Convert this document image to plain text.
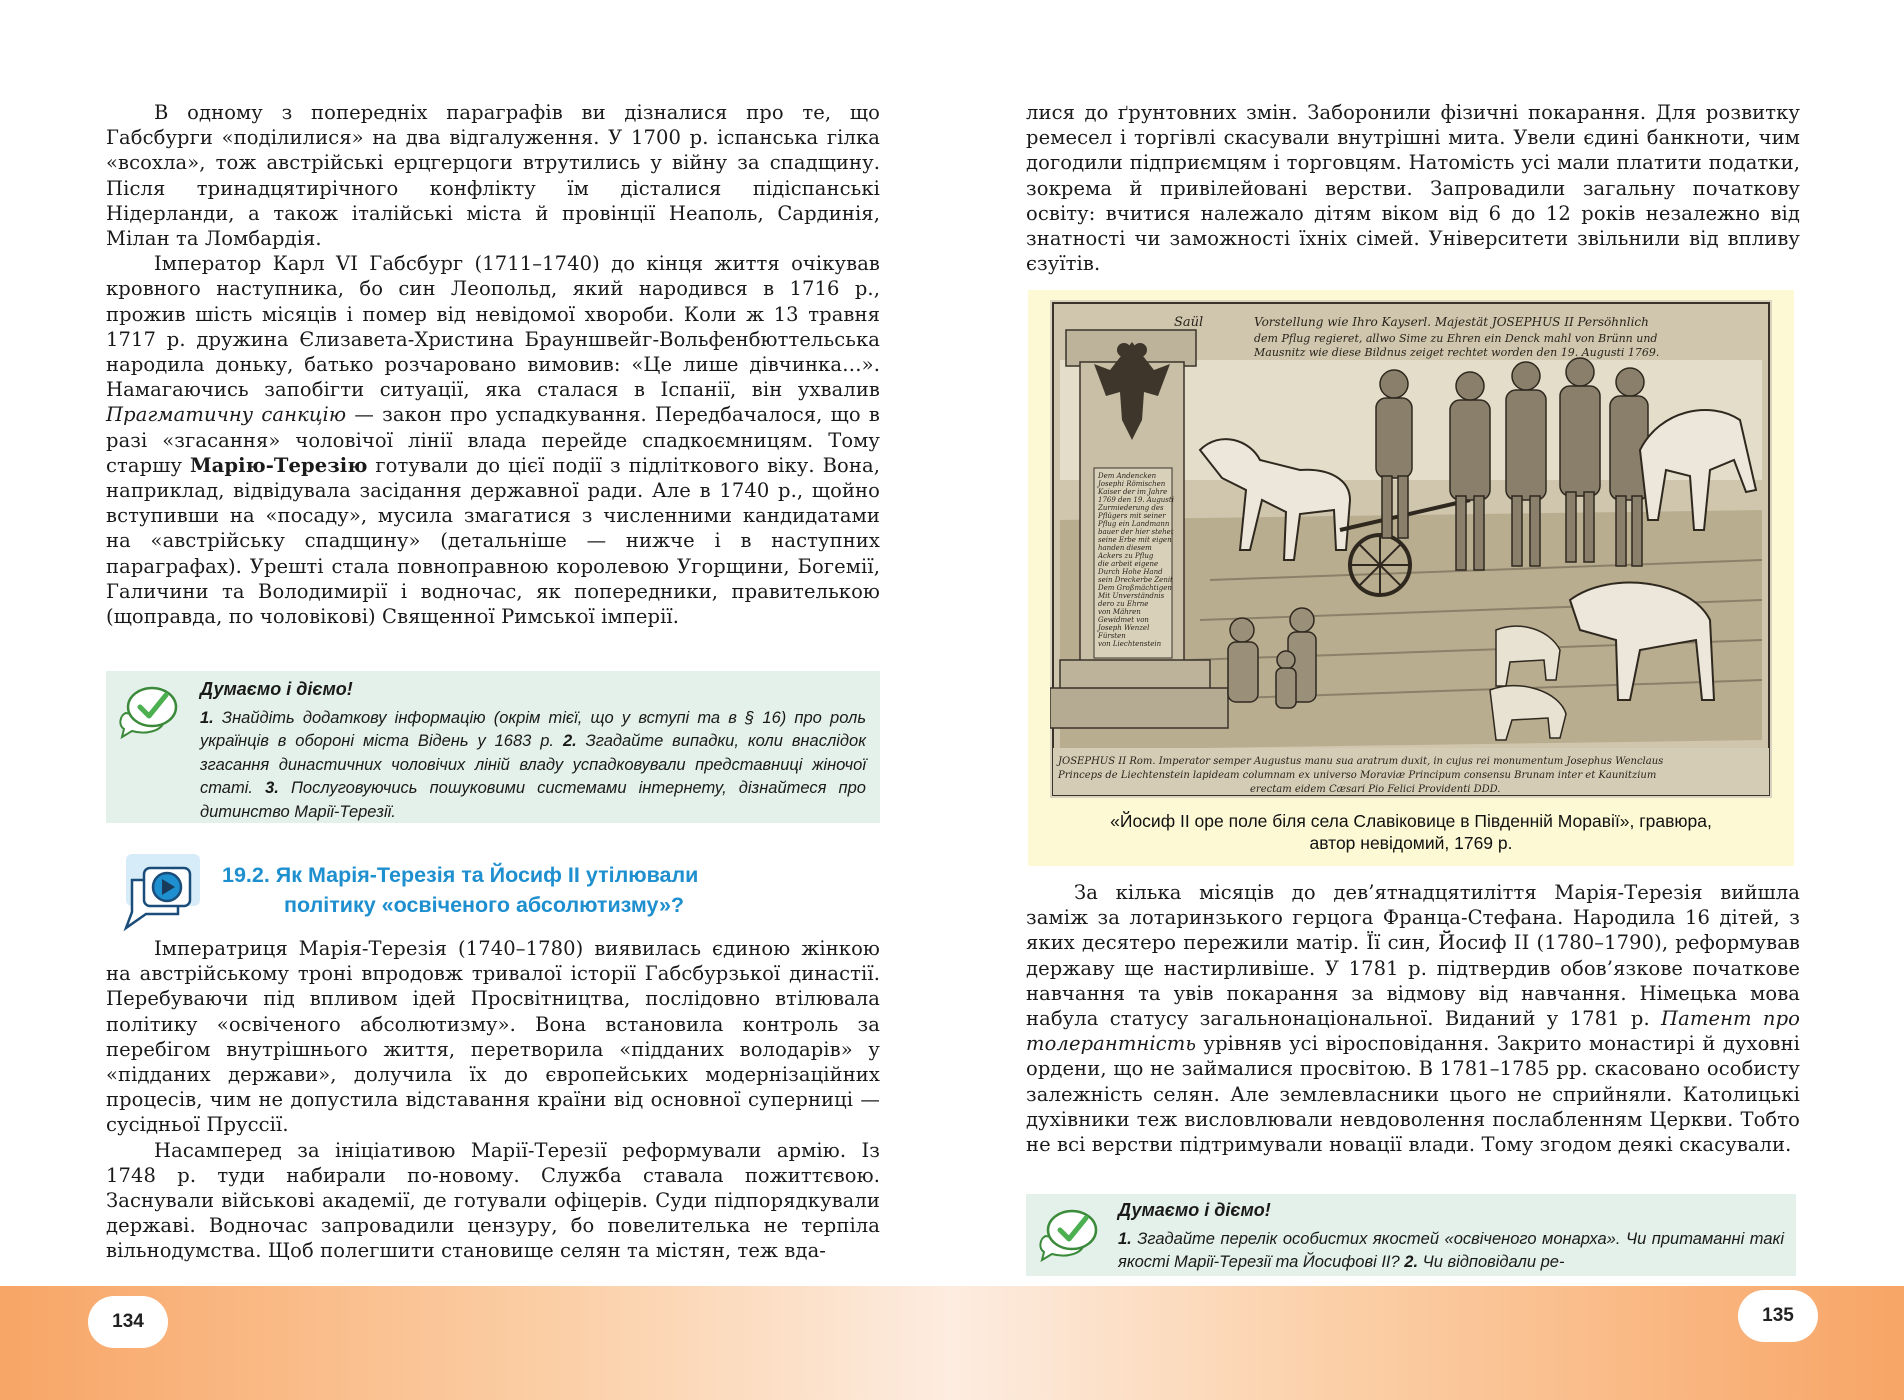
В одному з попередніх параграфів ви дізналися про те, що Габсбурги «поділилися» на два відгалуження. У 1700 р. іспанська гілка «всохла», тож австрійські ерцгерцоги втрутились у війну за спадщину. Після тринадцятирічного конфлікту їм дісталися підіспанські Нідерланди, а також італійські міста й провінції Неаполь, Сардинія, Мілан та Ломбардія.

Імператор Карл VI Габсбург (1711–1740) до кінця життя очікував кровного наступника, бо син Леопольд, який народився в 1716 р., прожив шість місяців і помер від невідомої хвороби. Коли ж 13 травня 1717 р. дружина Єлизавета-Христина Брауншвейг-Вольфенбюттельська народила доньку, батько розчаровано вимовив: «Це лише дівчинка…». Намагаючись запобігти ситуації, яка сталася в Іспанії, він ухвалив Прагматичну санкцію — закон про успадкування. Передбачалося, що в разі «згасання» чоловічої лінії влада перейде спадкоємницям. Тому старшу Марію-Терезію готували до цієї події з підліткового віку. Вона, наприклад, відвідувала засідання державної ради. Але в 1740 р., щойно вступивши на «посаду», мусила змагатися з численними кандидатами на «австрійську спадщину» (детальніше — нижче і в наступних параграфах). Урешті стала повноправною королевою Угорщини, Богемії, Галичини та Володимирії і водночас, як попередники, правителькою (щоправда, по чоловікові) Священної Римської імперії.

Думаємо і діємо!
1. Знайдіть додаткову інформацію (окрім тієї, що у вступі та в § 16) про роль українців в обороні міста Відень у 1683 р. 2. Згадайте випадки, коли внаслідок згасання династичних чоловічих ліній владу успадковували представниці жіночої статі. 3. Послуговуючись пошуковими системами інтернету, дізнайтеся про дитинство Марії-Терезії.
19.2. Як Марія-Терезія та Йосиф ІІ утілювали
політику «освіченого абсолютизму»?

Імператриця Марія-Терезія (1740–1780) виявилась єдиною жінкою на австрійському троні впродовж тривалої історії Габсбурзької династії. Перебуваючи під впливом ідей Просвітництва, послідовно втілювала політику «освіченого абсолютизму». Вона встановила контроль за перебігом внутрішнього життя, перетворила «підданих володарів» у «підданих держави», долучила їх до європейських модернізаційних процесів, чим не допустила відставання країни від основної суперниці — сусідньої Пруссії.

Насамперед за ініціативою Марії-Терезії реформували армію. Із 1748 р. туди набирали по-новому. Служба ставала пожиттєвою. Заснували військові академії, де готували офіцерів. Суди підпорядкували державі. Водночас запровадили цензуру, бо повелителька не терпіла вільнодумства. Щоб полегшити становище селян та містян, теж вда-

лися до ґрунтовних змін. Заборонили фізичні покарання. Для розвитку ремесел і торгівлі скасували внутрішні мита. Увели єдині банкноти, чим догодили підприємцям і торговцям. Натомість усі мали платити податки, зокрема й привілейовані верстви. Запровадили загальну початкову освіту: вчитися належало дітям віком від 6 до 12 років незалежно від знатності чи заможності їхніх сімей. Університети звільнили від впливу єзуїтів.

За кілька місяців до дев’ятнадцятиліття Марія-Терезія вийшла заміж за лотаринзького герцога Франца-Стефана. Народила 16 дітей, з яких десятеро пережили матір. Її син, Йосиф II (1780–1790), реформував державу ще настирливіше. У 1781 р. підтвердив обов’язкове початкове навчання та увів покарання за відмову від навчання. Німецька мова набула статусу загальнонаціональної. Виданий у 1781 р. Патент про толерантність урівняв усі віросповідання. Закрито монастирі й духовні ордени, що не займалися просвітою. В 1781–1785 рр. скасовано особисту залежність селян. Але землевласники цього не сприйняли. Католицькі духівники теж висловлювали невдоволення послабленням Церкви. Тобто не всі верстви підтримували новації влади. Тому згодом деякі скасували.

Saül	Vorstellung wie Ihro Kayserl. Majestät JOSEPHUS II Persöhnlich
dem Pflug regieret, allwo Sime zu Ehren ein Denck mahl von Brünn und
Mausnitz wie diese Bildnus zeiget rechtet worden den 19. Augusti 1769.
Dem Andencken
Josephi Römischen
Kaiser der im Jahre
1769 den 19. Augusti
Zurmiederung des
Pflügers mit seiner
Pflug ein Landmann
bauer der hier stehet
seine Erbe mit eigen
handen diesem
Ackers zu Pflug
die arbeit eigene
Durch Hohe Hand
sein Dreckerbe Zenit
Dem Großmächtigen
Mit Unverständnis
dero zu Ehrne
von Mähren
Gewidmet von
Joseph Wenzel
Fürsten
von Liechtenstein
JOSEPHUS II Rom. Imperator semper Augustus manu sua aratrum duxit, in cujus rei monumentum Josephus Wenclaus
Princeps de Liechtenstein lapideam columnam ex universo Moraviæ Principum consensu Brunam inter et Kaunitzium
erectam eidem Cæsari Pio Felici Providenti DDD.
«Йосиф II оре поле біля села Славіковице в Південній Моравії», гравюра,
автор невідомий, 1769 р.
Думаємо і діємо!
1. Згадайте перелік особистих якостей «освіченого монарха». Чи притаманні такі якості Марії-Терезії та Йосифові II? 2. Чи відповідали ре-
134	135
